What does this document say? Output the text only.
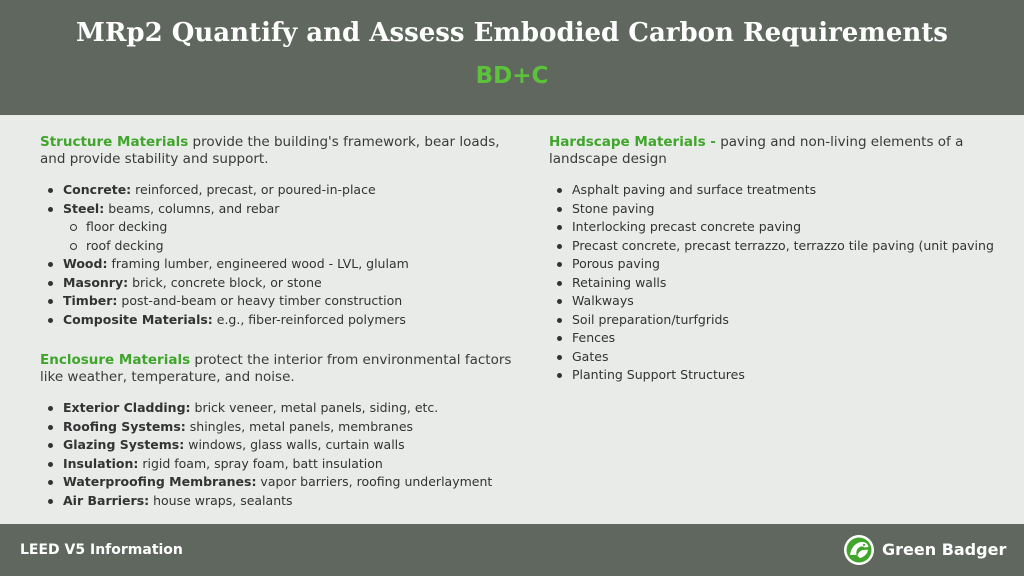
MRp2 Quantify and Assess Embodied Carbon Requirements
BD+C

Structure Materials provide the building's framework, bear loads, and provide stability and support.

Concrete: reinforced, precast, or poured-in-place
Steel: beams, columns, and rebar
floor decking
roof decking
Wood: framing lumber, engineered wood - LVL, glulam
Masonry: brick, concrete block, or stone
Timber: post-and-beam or heavy timber construction
Composite Materials: e.g., fiber-reinforced polymers

Enclosure Materials protect the interior from environmental factors like weather, temperature, and noise.

Exterior Cladding: brick veneer, metal panels, siding, etc.
Roofing Systems: shingles, metal panels, membranes
Glazing Systems: windows, glass walls, curtain walls
Insulation: rigid foam, spray foam, batt insulation
Waterproofing Membranes: vapor barriers, roofing underlayment
Air Barriers: house wraps, sealants

Hardscape Materials - paving and non-living elements of a landscape design

Asphalt paving and surface treatments
Stone paving
Interlocking precast concrete paving
Precast concrete, precast terrazzo, terrazzo tile paving (unit paving
Porous paving
Retaining walls
Walkways
Soil preparation/turfgrids
Fences
Gates
Planting Support Structures
LEED V5 Information	Green Badger
